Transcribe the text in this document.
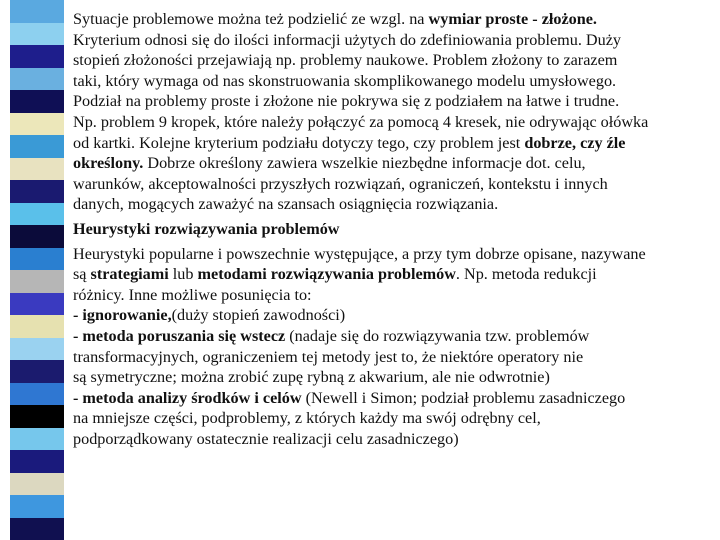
Sytuacje problemowe można też podzielić ze wzgl. na wymiar proste - złożone.
Kryterium odnosi się do ilości informacji użytych do zdefiniowania problemu. Duży
stopień złożoności przejawiają np. problemy naukowe. Problem złożony to zarazem
taki, który wymaga od nas skonstruowania skomplikowanego modelu umysłowego.
Podział na problemy proste i złożone nie pokrywa się z podziałem na łatwe i trudne.
Np. problem 9 kropek, które należy połączyć za pomocą 4 kresek, nie odrywając ołówka
od kartki. Kolejne kryterium podziału dotyczy tego, czy problem jest dobrze, czy źle
określony. Dobrze określony zawiera wszelkie niezbędne informacje dot. celu,
warunków, akceptowalności przyszłych rozwiązań, ograniczeń, kontekstu i innych
danych, mogących zaważyć na szansach osiągnięcia rozwiązania.
Heurystyki rozwiązywania problemów
Heurystyki popularne i powszechnie występujące, a przy tym dobrze opisane, nazywane
są strategiami lub metodami rozwiązywania problemów. Np. metoda redukcji
różnicy. Inne możliwe posunięcia to:
- ignorowanie,(duży stopień zawodności)
- metoda poruszania się wstecz (nadaje się do rozwiązywania tzw. problemów
transformacyjnych, ograniczeniem tej metody jest to, że niektóre operatory nie
są symetryczne; można zrobić zupę rybną z akwarium, ale nie odwrotnie)
- metoda analizy środków i celów (Newell i Simon; podział problemu zasadniczego
na mniejsze części, podproblemy, z których każdy ma swój odrębny cel,
podporządkowany ostatecznie realizacji celu zasadniczego)
